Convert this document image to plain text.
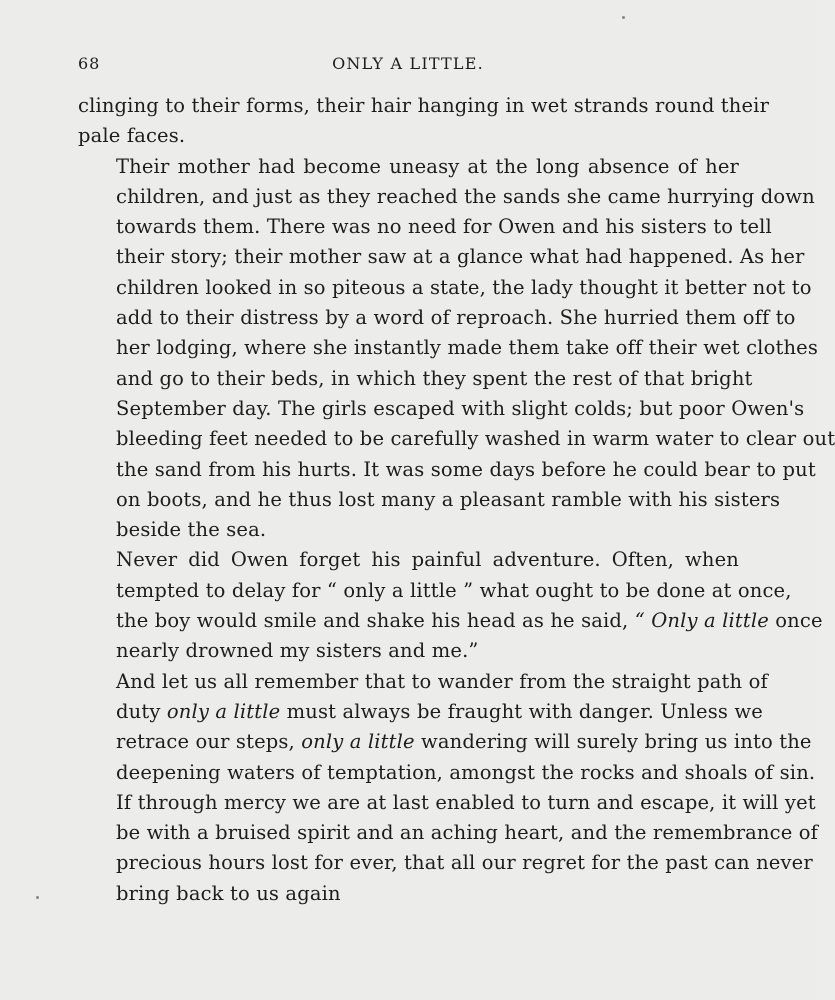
68	ONLY A LITTLE.

clinging to their forms, their hair hanging in wet strands round their
pale faces.

Their mother had become uneasy at the long absence of her
children, and just as they reached the sands she came hurrying down
towards them. There was no need for Owen and his sisters to tell
their story; their mother saw at a glance what had happened. As her
children looked in so piteous a state, the lady thought it better not to
add to their distress by a word of reproach. She hurried them off to
her lodging, where she instantly made them take off their wet clothes
and go to their beds, in which they spent the rest of that bright
September day. The girls escaped with slight colds; but poor Owen's
bleeding feet needed to be carefully washed in warm water to clear out
the sand from his hurts. It was some days before he could bear to put
on boots, and he thus lost many a pleasant ramble with his sisters
beside the sea.

Never did Owen forget his painful adventure. Often, when
tempted to delay for “ only a little ” what ought to be done at once,
the boy would smile and shake his head as he said, “ Only a little once
nearly drowned my sisters and me.”

And let us all remember that to wander from the straight path of
duty only a little must always be fraught with danger. Unless we
retrace our steps, only a little wandering will surely bring us into the
deepening waters of temptation, amongst the rocks and shoals of sin.
If through mercy we are at last enabled to turn and escape, it will yet
be with a bruised spirit and an aching heart, and the remembrance of
precious hours lost for ever, that all our regret for the past can never
bring back to us again
